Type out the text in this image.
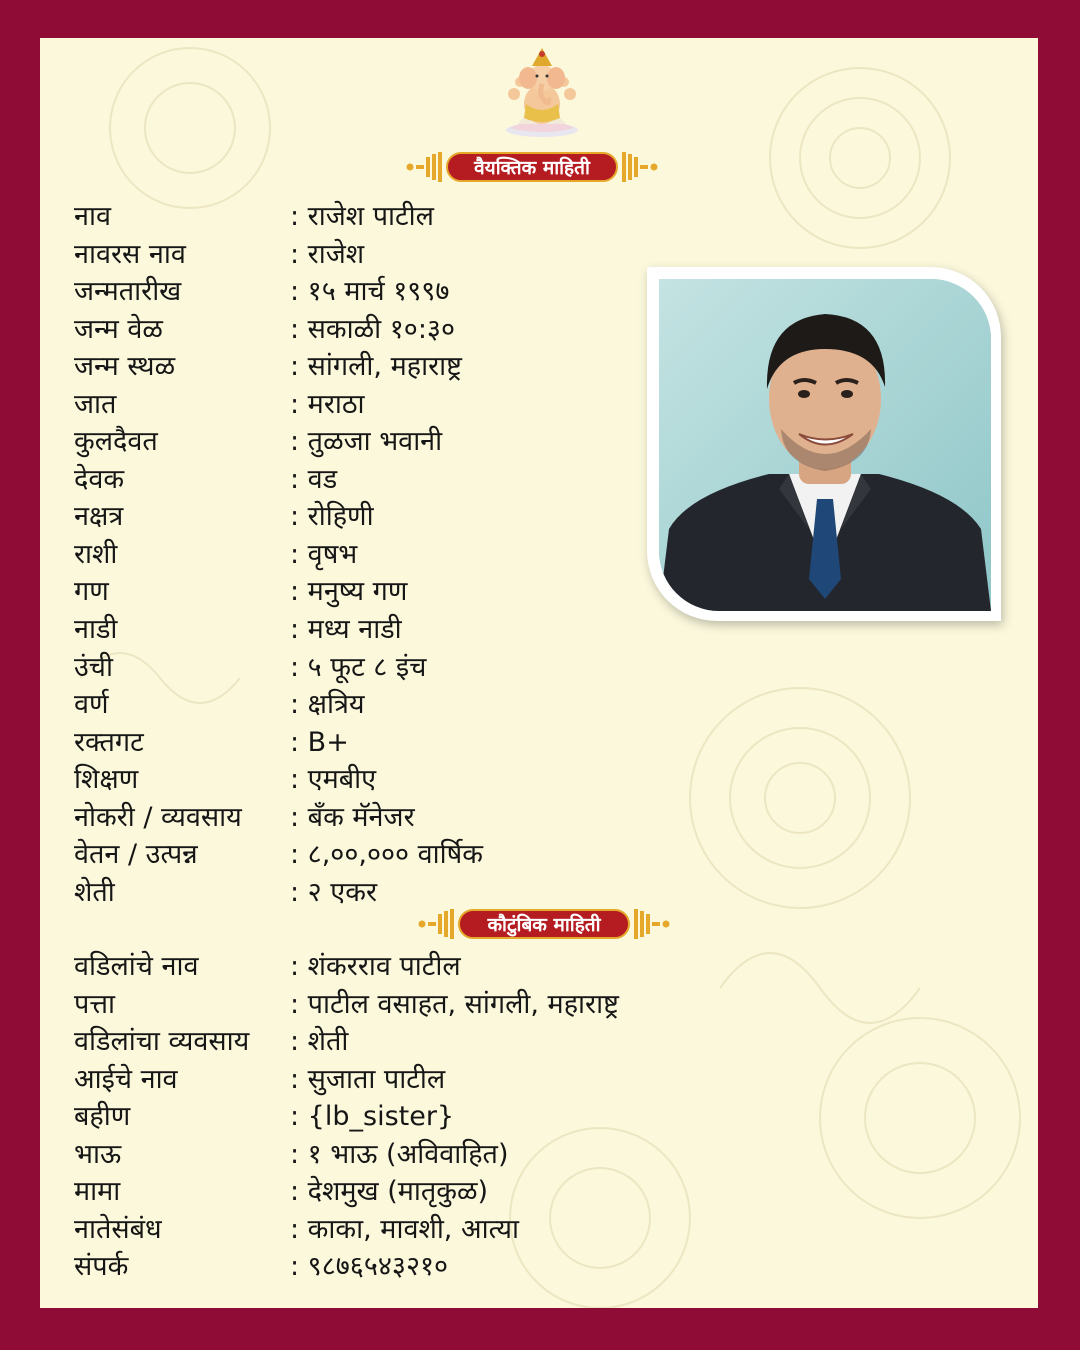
वैयक्तिक माहिती
नाव	: राजेश पाटील
नावरस नाव	: राजेश
जन्मतारीख	: १५ मार्च १९९७
जन्म वेळ	: सकाळी १०:३०
जन्म स्थळ	: सांगली, महाराष्ट्र
जात	: मराठा
कुलदैवत	: तुळजा भवानी
देवक	: वड
नक्षत्र	: रोहिणी
राशी	: वृषभ
गण	: मनुष्य गण
नाडी	: मध्य नाडी
उंची	: ५ फूट ८ इंच
वर्ण	: क्षत्रिय
रक्तगट	: B+
शिक्षण	: एमबीए
नोकरी / व्यवसाय : बँक मॅनेजर
वेतन / उत्पन्न	: ८,००,००० वार्षिक
शेती	: २ एकर
कौटुंबिक माहिती
वडिलांचे नाव	: शंकरराव पाटील
पत्ता	: पाटील वसाहत, सांगली, महाराष्ट्र
वडिलांचा व्यवसाय : शेती
आईचे नाव	: सुजाता पाटील
बहीण	: {lb_sister}
भाऊ	: १ भाऊ (अविवाहित)
मामा	: देशमुख (मातृकुळ)
नातेसंबंध	: काका, मावशी, आत्या
संपर्क	: ९८७६५४३२१०
